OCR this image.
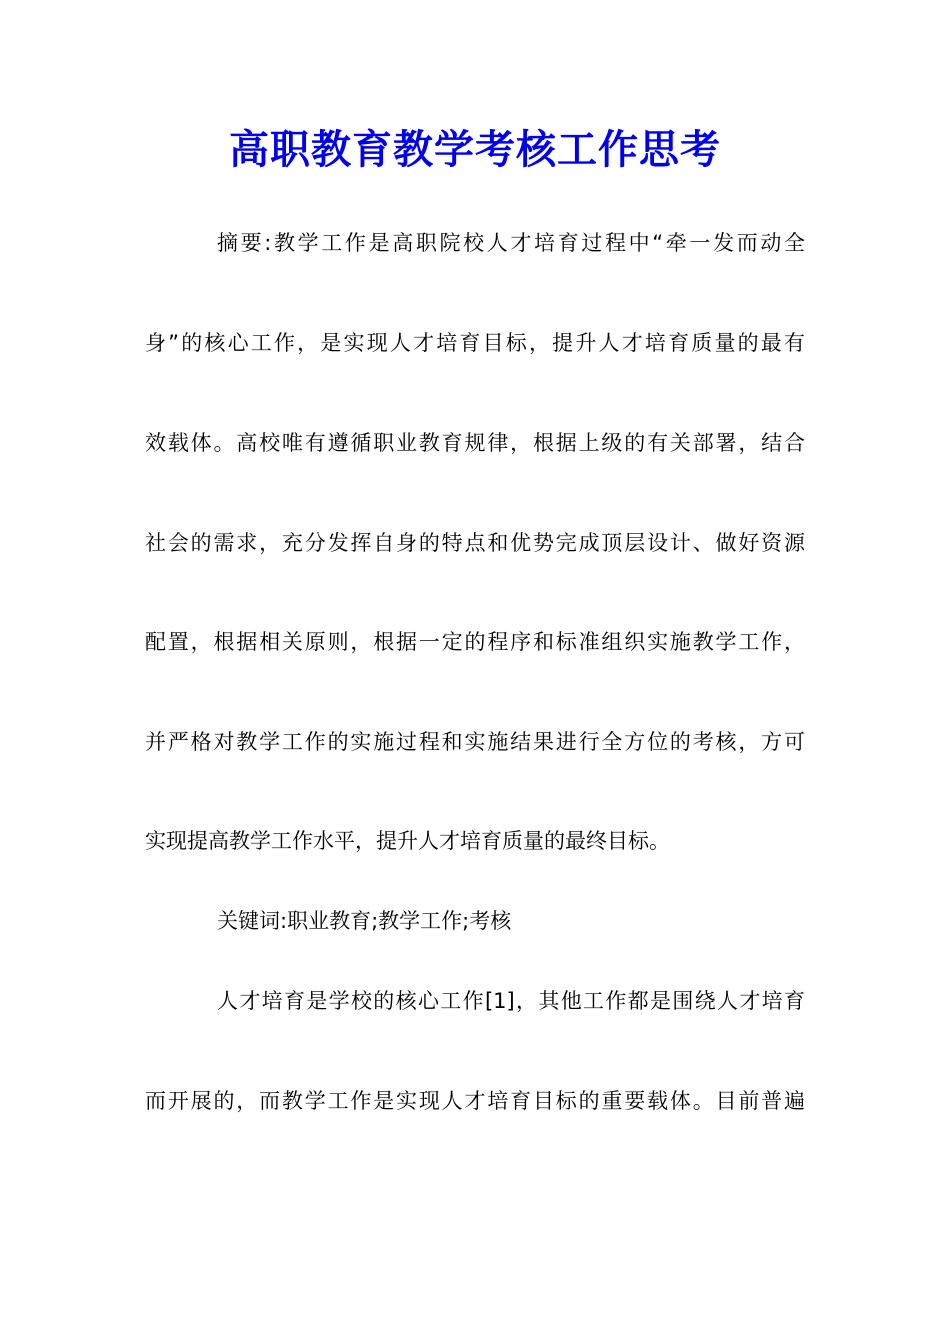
高职教育教学考核工作思考
摘要:教学工作是高职院校人才培育过程中“牵一发而动全
身”的核心工作，是实现人才培育目标，提升人才培育质量的最有
效载体。高校唯有遵循职业教育规律，根据上级的有关部署，结合
社会的需求，充分发挥自身的特点和优势完成顶层设计、做好资源
配置，根据相关原则，根据一定的程序和标准组织实施教学工作，
并严格对教学工作的实施过程和实施结果进行全方位的考核，方可
实现提高教学工作水平，提升人才培育质量的最终目标。
关键词:职业教育;教学工作;考核
人才培育是学校的核心工作[1]，其他工作都是围绕人才培育
而开展的，而教学工作是实现人才培育目标的重要载体。目前普遍
